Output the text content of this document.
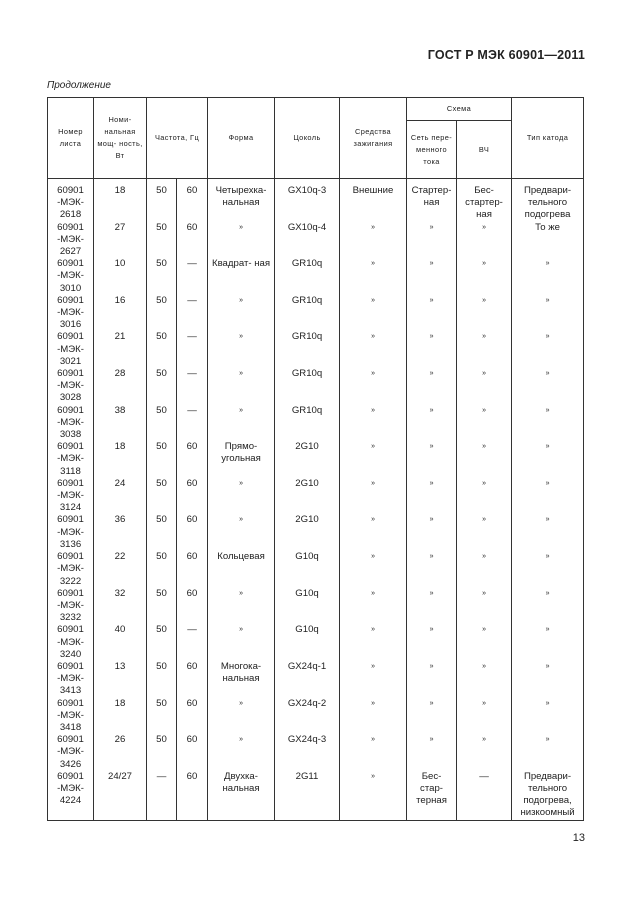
ГОСТ Р МЭК 60901—2011
Продолжение
Номер листа	Номи- нальная мощ- ность, Вт	Частота, Гц		Форма	Цоколь	Средства зажигания	Схема		Тип катода
							Сеть пере- менного тока	ВЧ	
60901 -МЭК- 2618	18	50	60	Четырехка- нальная	GX10q-3	Внешние	Стартер- ная	Бес- стартер- ная	Предвари- тельного подогрева
60901 -МЭК- 2627	27	50	60	»	GX10q-4	»	»	»	То же
60901 -МЭК- 3010	10	50	—	Квадрат- ная	GR10q	»	»	»	»
60901 -МЭК- 3016	16	50	—	»	GR10q	»	»	»	»
60901 -МЭК- 3021	21	50	—	»	GR10q	»	»	»	»
60901 -МЭК- 3028	28	50	—	»	GR10q	»	»	»	»
60901 -МЭК- 3038	38	50	—	»	GR10q	»	»	»	»
60901 -МЭК- 3118	18	50	60	Прямо- угольная	2G10	»	»	»	»
60901 -МЭК- 3124	24	50	60	»	2G10	»	»	»	»
60901 -МЭК- 3136	36	50	60	»	2G10	»	»	»	»
60901 -МЭК- 3222	22	50	60	Кольцевая	G10q	»	»	»	»
60901 -МЭК- 3232	32	50	60	»	G10q	»	»	»	»
60901 -МЭК- 3240	40	50	—	»	G10q	»	»	»	»
60901 -МЭК- 3413	13	50	60	Многока- нальная	GX24q-1	»	»	»	»
60901 -МЭК- 3418	18	50	60	»	GX24q-2	»	»	»	»
60901 -МЭК- 3426	26	50	60	»	GX24q-3	»	»	»	»
60901 -МЭК- 4224	24/27	—	60	Двухка- нальная	2G11	»	Бес- стар- терная	—	Предвари- тельного подогрева, низкоомный
13
